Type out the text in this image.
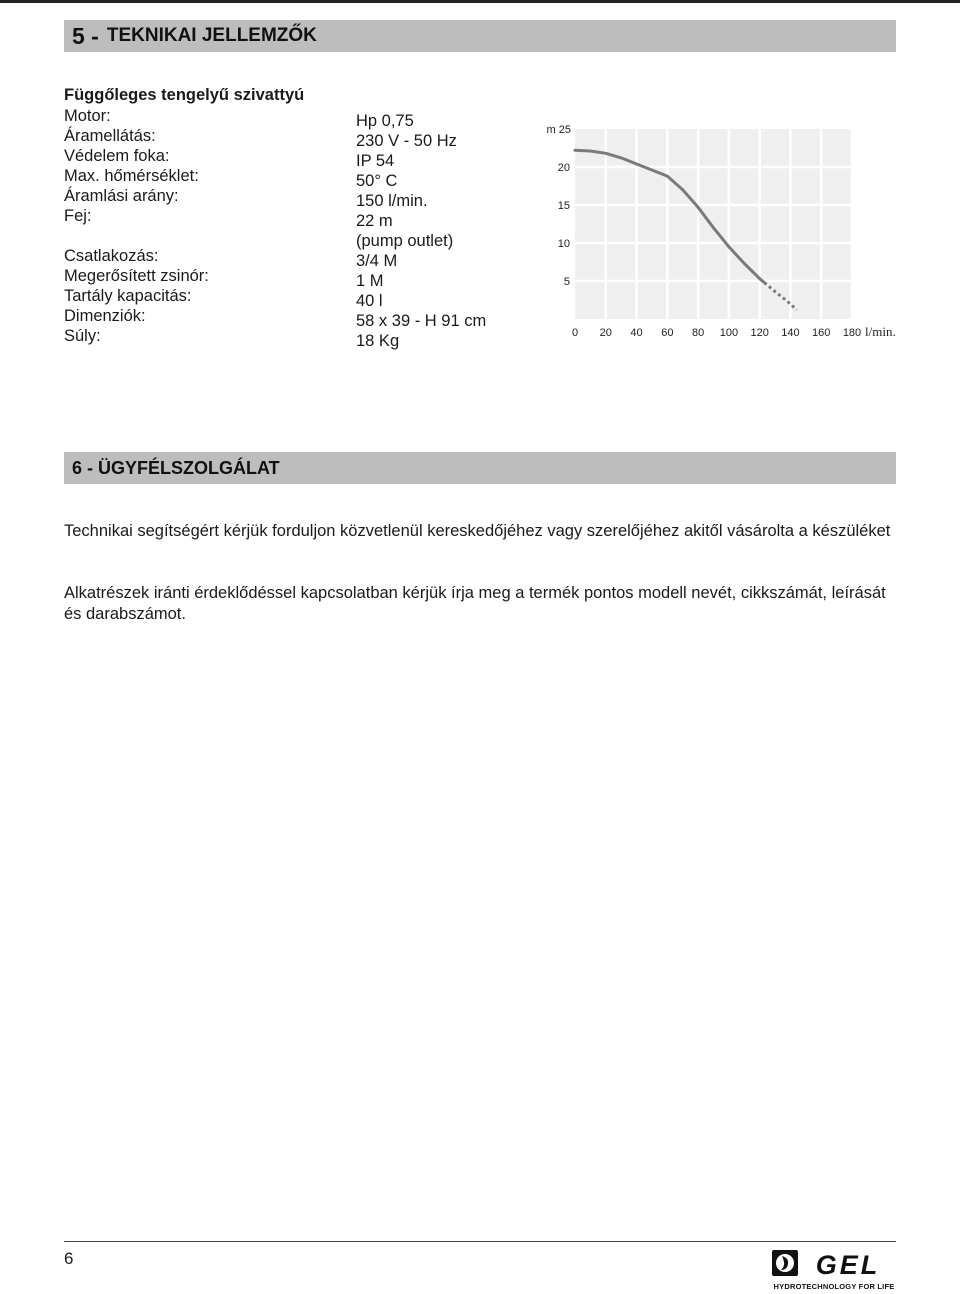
5 - TEKNIKAI JELLEMZŐK
Függőleges tengelyű szivattyú
Motor:
Áramellátás:
Védelem foka:
Max. hőmérséklet:
Áramlási arány:
Fej:

Csatlakozás:
Megerősített zsinór:
Tartály kapacitás:
Dimenziók:
Súly:
Hp 0,75
230 V - 50 Hz
IP 54
50° C
150 l/min.
22 m
(pump outlet)
3/4 M
1 M
40 l
58 x 39 - H 91 cm
18 Kg
5
10
15
20
m 25
0 20 40 60 80 100 120 140 160 180 l/min.
6 - ÜGYFÉLSZOLGÁLAT
Technikai segítségért kérjük forduljon közvetlenül kereskedőjéhez vagy szerelőjéhez akitől vásárolta a készüléket
Alkatrészek iránti érdeklődéssel kapcsolatban kérjük írja meg a termék pontos modell nevét, cikkszámát, leírását és darabszámot.
6	GEL
HYDROTECHNOLOGY FOR LIFE
